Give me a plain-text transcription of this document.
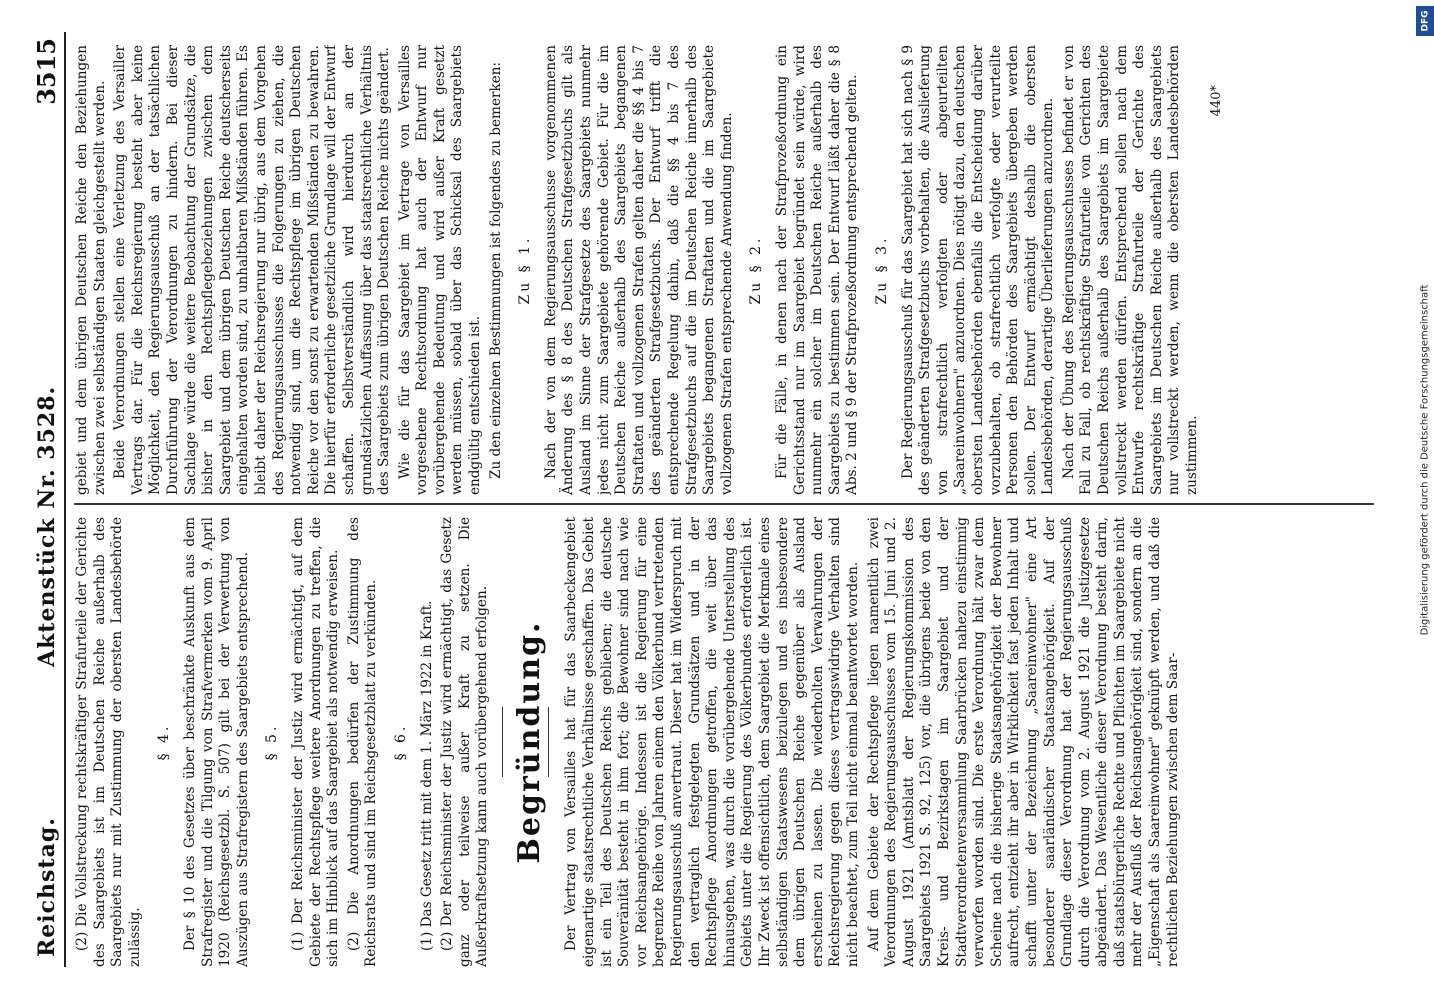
Reichstag.
Aktenstück Nr. 3528.
3515

(2) Die Vollstreckung rechtskräftiger Strafurteile der Gerichte des Saargebiets ist im Deutschen Reiche außerhalb des Saargebiets nur mit Zustimmung der obersten Landesbehörde zulässig.

§ 4. Der § 10 des Gesetzes über beschränkte Auskunft aus dem Strafregister und die Tilgung von Strafvermerken vom 9. April 1920 (Reichsgesetzbl. S. 507) gilt bei der Verwertung von Auszügen aus Strafregistern des Saargebiets entsprechend. § 5. (1) Der Reichsminister der Justiz wird ermächtigt, auf dem Gebiete der Rechtspflege weitere Anordnungen zu treffen, die sich im Hinblick auf das Saargebiet als notwendig erweisen. (2) Die Anordnungen bedürfen der Zustimmung des Reichsrats und sind im Reichsgesetzblatt zu verkünden. § 6. (1) Das Gesetz tritt mit dem 1. März 1922 in Kraft. (2) Der Reichsminister der Justiz wird ermächtigt, das Gesetz ganz oder teilweise außer Kraft zu setzen. Die Außerkraftsetzung kann auch vorübergehend erfolgen. Begründung. Der Vertrag von Versailles hat für das Saarbeckengebiet eigenartige staatsrechtliche Verhältnisse geschaffen. Das Gebiet ist ein Teil des Deutschen Reichs geblieben; die deutsche Souveränität besteht in ihm fort; die Bewohner sind nach wie vor Reichsangehörige. Indessen ist die Regierung für eine begrenzte Reihe von Jahren einem den Völkerbund vertretenden Regierungsausschuß anvertraut. Dieser hat im Widerspruch mit den vertraglich festgelegten Grundsätzen und in der Rechtspflege Anordnungen getroffen, die weit über das hinausgehen, was durch die vorübergehende Unterstellung des Gebiets unter die Regierung des Völkerbundes erforderlich ist. Ihr Zweck ist offensichtlich, dem Saargebiet die Merkmale eines selbständigen Staatswesens beizulegen und es insbesondere dem übrigen Deutschen Reiche gegenüber als Ausland erscheinen zu lassen. Die wiederholten Verwahrungen der Reichsregierung gegen dieses vertragswidrige Verhalten sind nicht beachtet, zum Teil nicht einmal beantwortet worden. Auf dem Gebiete der Rechtspflege liegen namentlich zwei Verordnungen des Regierungsausschusses vom 15. Juni und 2. August 1921 (Amtsblatt der Regierungskommission des Saargebiets 1921 S. 92, 125) vor, die übrigens beide von den Kreis- und Bezirkstagen im Saargebiet und der Stadtverordnetenversammlung Saarbrücken nahezu einstimmig verworfen worden sind. Die erste Verordnung hält zwar dem Scheine nach die bisherige Staatsangehörigkeit der Bewohner aufrecht, entzieht ihr aber in Wirklichkeit fast jeden Inhalt und schafft unter der Bezeichnung „Saareinwohner" eine Art besonderer saarländischer Staatsangehörigkeit. Auf der Grundlage dieser Verordnung hat der Regierungsausschuß durch die Verordnung vom 2. August 1921 die Justizgesetze abgeändert. Das Wesentliche dieser Verordnung besteht darin, daß staatsbürgerliche Rechte und Pflichten im Saargebiete nicht mehr der Ausfluß der Reichsangehörigkeit sind, sondern an die „Eigenschaft als Saareinwohner" geknüpft werden, und daß die rechtlichen Beziehungen zwischen dem Saar-

gebiet und dem übrigen Deutschen Reiche den Beziehungen zwischen zwei selbständigen Staaten gleichgestellt werden. Beide Verordnungen stellen eine Verletzung des Versailler Vertrags dar. Für die Reichsregierung besteht aber keine Möglichkeit, den Regierungsausschuß an der tatsächlichen Durchführung der Verordnungen zu hindern. Bei dieser Sachlage würde die weitere Beobachtung der Grundsätze, die bisher in den Rechtspflegebeziehungen zwischen dem Saargebiet und dem übrigen Deutschen Reiche deutscherseits eingehalten worden sind, zu unhaltbaren Mißständen führen. Es bleibt daher der Reichsregierung nur übrig, aus dem Vorgehen des Regierungsausschusses die Folgerungen zu ziehen, die notwendig sind, um die Rechtspflege im übrigen Deutschen Reiche vor den sonst zu erwartenden Mißständen zu bewahren. Die hierfür erforderliche gesetzliche Grundlage will der Entwurf schaffen. Selbstverständlich wird hierdurch an der grundsätzlichen Auffassung über das staatsrechtliche Verhältnis des Saargebiets zum übrigen Deutschen Reiche nichts geändert. Wie die für das Saargebiet im Vertrage von Versailles vorgesehene Rechtsordnung hat auch der Entwurf nur vorübergehende Bedeutung und wird außer Kraft gesetzt werden müssen, sobald über das Schicksal des Saargebiets endgültig entschieden ist. Zu den einzelnen Bestimmungen ist folgendes zu bemerken: Zu § 1. Nach der von dem Regierungsausschusse vorgenommenen Änderung des § 8 des Deutschen Strafgesetzbuchs gilt als Ausland im Sinne der Strafgesetze des Saargebiets nunmehr jedes nicht zum Saargebiete gehörende Gebiet. Für die im Deutschen Reiche außerhalb des Saargebiets begangenen Straftaten und vollzogenen Strafen gelten daher die §§ 4 bis 7 des geänderten Strafgesetzbuchs. Der Entwurf trifft die entsprechende Regelung dahin, daß die §§ 4 bis 7 des Strafgesetzbuchs auf die im Deutschen Reiche innerhalb des Saargebiets begangenen Straftaten und die im Saargebiete vollzogenen Strafen entsprechende Anwendung finden. Zu § 2. Für die Fälle, in denen nach der Strafprozeßordnung ein Gerichtsstand nur im Saargebiet begründet sein würde, wird nunmehr ein solcher im Deutschen Reiche außerhalb des Saargebiets zu bestimmen sein. Der Entwurf läßt daher die § 8 Abs. 2 und § 9 der Strafprozeßordnung entsprechend gelten. Zu § 3. Der Regierungsausschuß für das Saargebiet hat sich nach § 9 des geänderten Strafgesetzbuchs vorbehalten, die Auslieferung von strafrechtlich verfolgten oder abgeurteilten „Saareinwohnern" anzuordnen. Dies nötigt dazu, den deutschen obersten Landesbehörden ebenfalls die Entscheidung darüber vorzubehalten, ob strafrechtlich verfolgte oder verurteilte Personen den Behörden des Saargebiets übergeben werden sollen. Der Entwurf ermächtigt deshalb die obersten Landesbehörden, derartige Überlieferungen anzuordnen. Nach der Übung des Regierungsausschusses befindet er von Fall zu Fall, ob rechtskräftige Strafurteile von Gerichten des Deutschen Reichs außerhalb des Saargebiets im Saargebiete vollstreckt werden dürfen. Entsprechend sollen nach dem Entwurfe rechtskräftige Strafurteile der Gerichte des Saargebiets im Deutschen Reiche außerhalb des Saargebiets nur vollstreckt werden, wenn die obersten Landesbehörden zustimmen.

440*
DFG
Digitalisierung gefördert durch die Deutsche Forschungsgemeinschaft
